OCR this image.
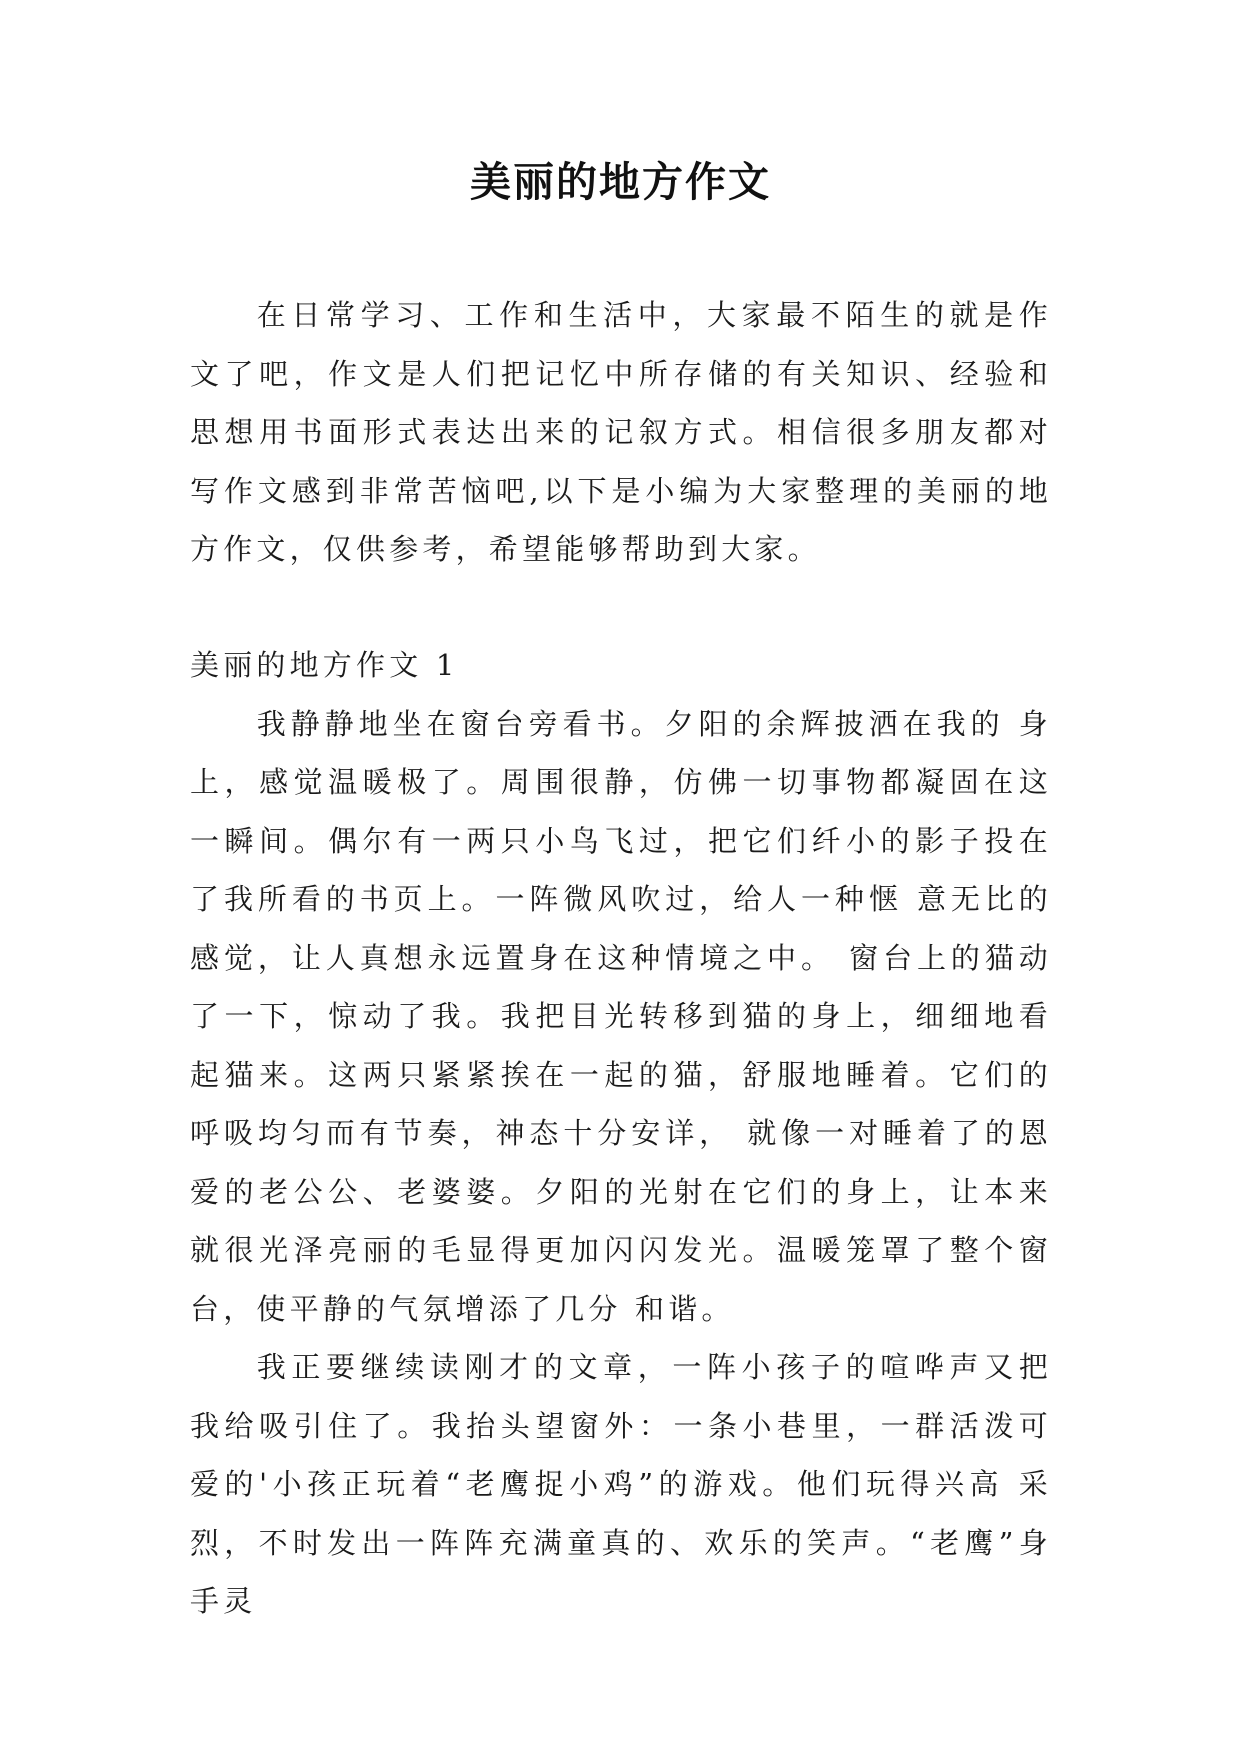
美丽的地方作文

在日常学习、工作和生活中，大家最不陌生的就是作文了吧，作文是人们把记忆中所存储的有关知识、经验和思想用书面形式表达出来的记叙方式。相信很多朋友都对写作文感到非常苦恼吧,以下是小编为大家整理的美丽的地方作文，仅供参考，希望能够帮助到大家。

美丽的地方作文 1

我静静地坐在窗台旁看书。夕阳的余辉披洒在我的 身上，感觉温暖极了。周围很静，仿佛一切事物都凝固在这一瞬间。偶尔有一两只小鸟飞过，把它们纤小的影子投在了我所看的书页上。一阵微风吹过，给人一种惬 意无比的感觉，让人真想永远置身在这种情境之中。 窗台上的猫动了一下，惊动了我。我把目光转移到猫的身上，细细地看起猫来。这两只紧紧挨在一起的猫，舒服地睡着。它们的呼吸均匀而有节奏，神态十分安详， 就像一对睡着了的恩爱的老公公、老婆婆。夕阳的光射在它们的身上，让本来就很光泽亮丽的毛显得更加闪闪发光。温暖笼罩了整个窗台，使平静的气氛增添了几分 和谐。

我正要继续读刚才的文章，一阵小孩子的喧哗声又把我给吸引住了。我抬头望窗外：一条小巷里，一群活泼可爱的'小孩正玩着“老鹰捉小鸡”的游戏。他们玩得兴高 采烈，不时发出一阵阵充满童真的、欢乐的笑声。“老鹰”身手灵
